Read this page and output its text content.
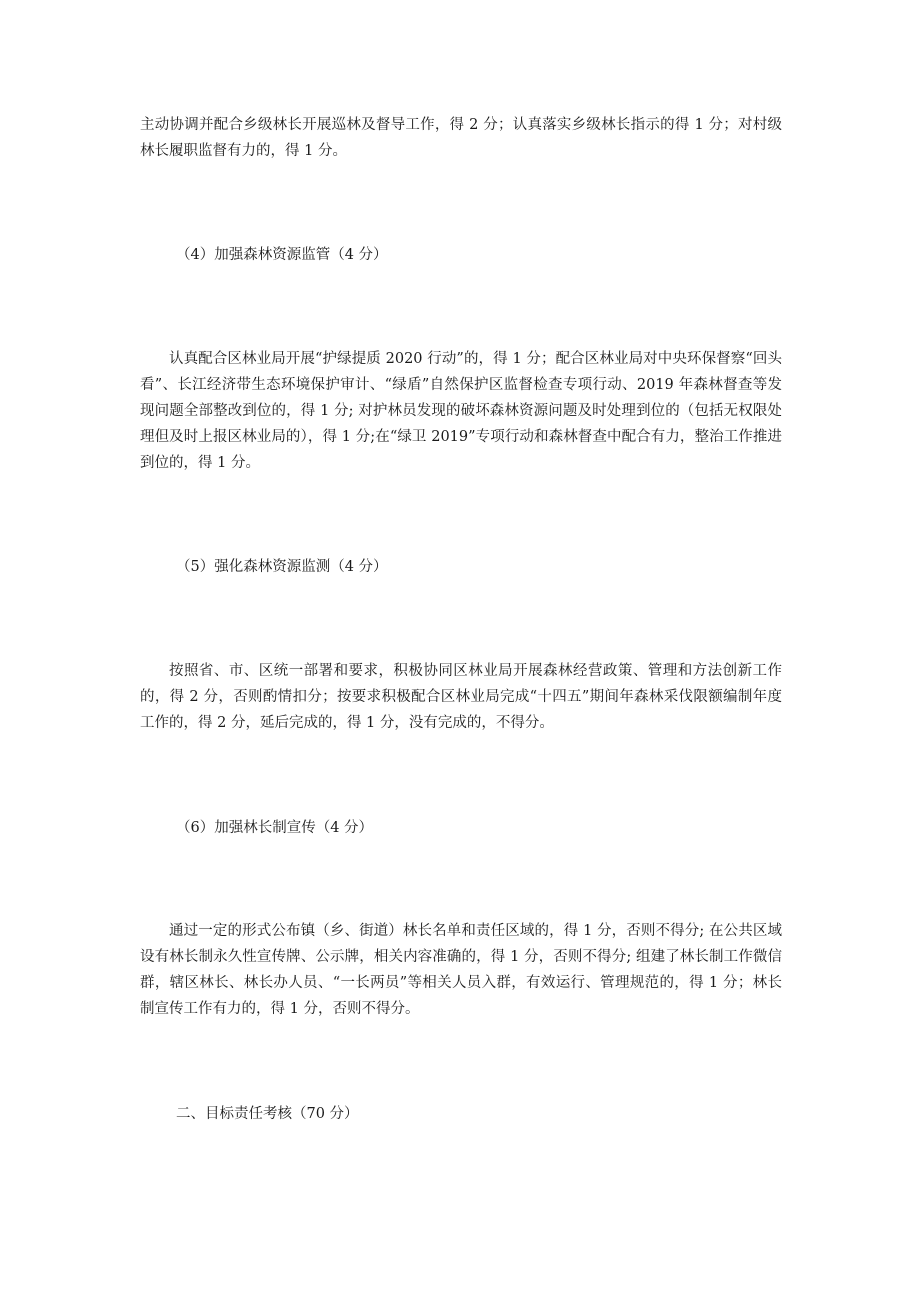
主动协调并配合乡级林长开展巡林及督导工作，得 2 分；认真落实乡级林长指示的得 1 分；对村级林长履职监督有力的，得 1 分。

（4）加强森林资源监管（4 分）

认真配合区林业局开展“护绿提质 2020 行动”的，得 1 分；配合区林业局对中央环保督察“回头看”、长江经济带生态环境保护审计、“绿盾”自然保护区监督检查专项行动、2019 年森林督查等发现问题全部整改到位的，得 1 分; 对护林员发现的破坏森林资源问题及时处理到位的（包括无权限处理但及时上报区林业局的），得 1 分;在“绿卫 2019”专项行动和森林督查中配合有力，整治工作推进到位的，得 1 分。

（5）强化森林资源监测（4 分）

按照省、市、区统一部署和要求，积极协同区林业局开展森林经营政策、管理和方法创新工作的，得 2 分，否则酌情扣分；按要求积极配合区林业局完成“十四五”期间年森林采伐限额编制年度工作的，得 2 分，延后完成的，得 1 分，没有完成的，不得分。

（6）加强林长制宣传（4 分）

通过一定的形式公布镇（乡、街道）林长名单和责任区域的，得 1 分，否则不得分; 在公共区域设有林长制永久性宣传牌、公示牌，相关内容准确的，得 1 分，否则不得分; 组建了林长制工作微信群，辖区林长、林长办人员、“一长两员”等相关人员入群，有效运行、管理规范的，得 1 分；林长制宣传工作有力的，得 1 分，否则不得分。

二、目标责任考核（70 分）
